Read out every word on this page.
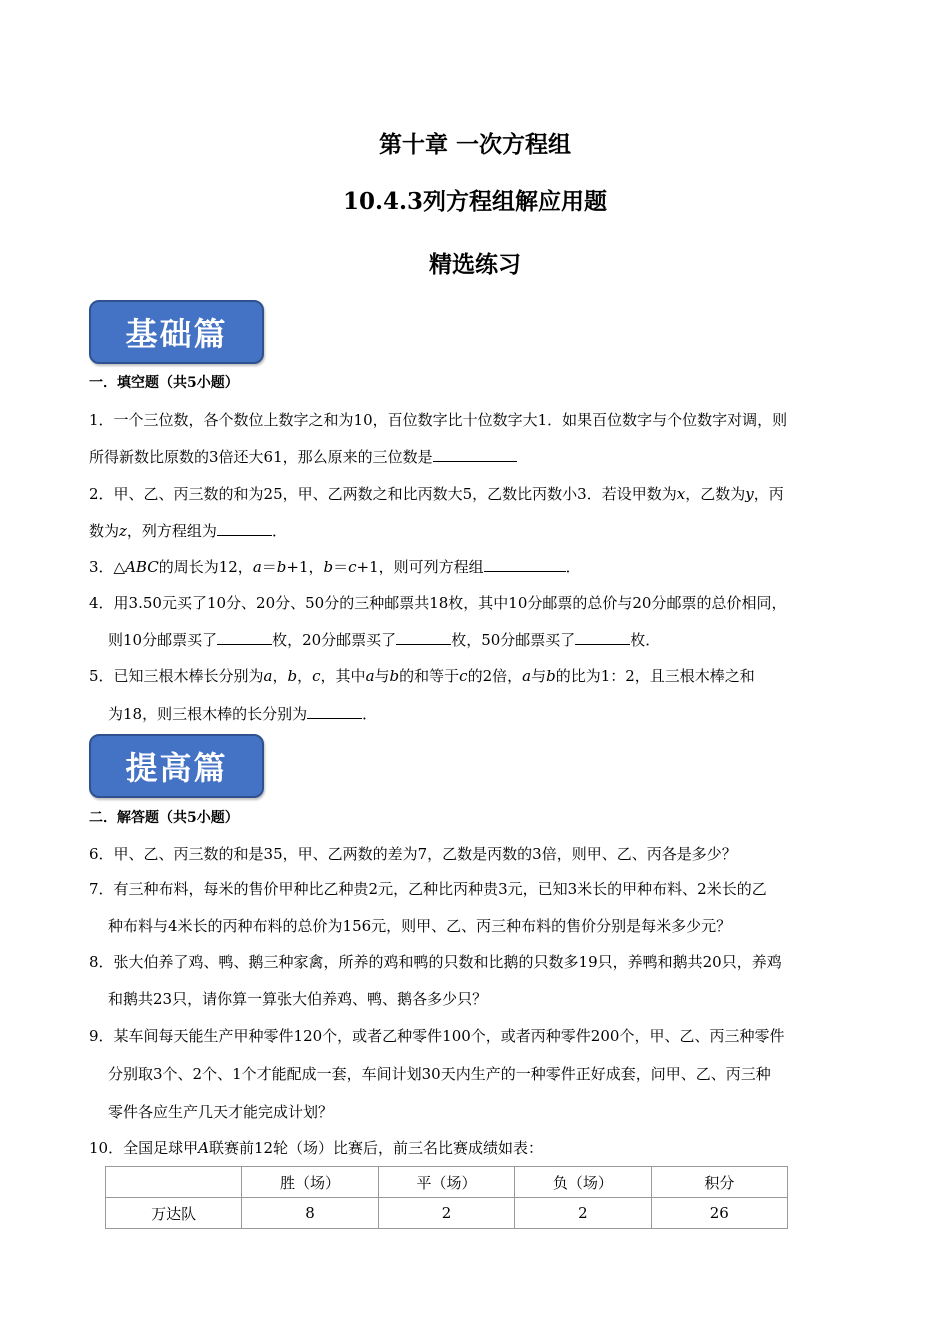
第十章 一次方程组
10.4.3列方程组解应用题
精选练习
基础篇
一．填空题（共5小题）
1．一个三位数，各个数位上数字之和为10，百位数字比十位数字大1．如果百位数字与个位数字对调，则
所得新数比原数的3倍还大61，那么原来的三位数是
2．甲、乙、丙三数的和为25，甲、乙两数之和比丙数大5，乙数比丙数小3．若设甲数为x，乙数为y，丙
数为z，列方程组为	．
3．△ABC的周长为12，a＝b+1，b＝c+1，则可列方程组	．
4．用3.50元买了10分、20分、50分的三种邮票共18枚，其中10分邮票的总价与20分邮票的总价相同，
则10分邮票买了	枚，20分邮票买了	枚，50分邮票买了	枚．
5．已知三根木棒长分别为a，b，c，其中a与b的和等于c的2倍，a与b的比为1：2，且三根木棒之和
为18，则三根木棒的长分别为	．
提高篇
二．解答题（共5小题）
6．甲、乙、丙三数的和是35，甲、乙两数的差为7，乙数是丙数的3倍，则甲、乙、丙各是多少？
7．有三种布料，每米的售价甲种比乙种贵2元，乙种比丙种贵3元，已知3米长的甲种布料、2米长的乙
种布料与4米长的丙种布料的总价为156元，则甲、乙、丙三种布料的售价分别是每米多少元？
8．张大伯养了鸡、鸭、鹅三种家禽，所养的鸡和鸭的只数和比鹅的只数多19只，养鸭和鹅共20只，养鸡
和鹅共23只，请你算一算张大伯养鸡、鸭、鹅各多少只？
9．某车间每天能生产甲种零件120个，或者乙种零件100个，或者丙种零件200个，甲、乙、丙三种零件
分别取3个、2个、1个才能配成一套，车间计划30天内生产的一种零件正好成套，问甲、乙、丙三种
零件各应生产几天才能完成计划？
10．全国足球甲A联赛前12轮（场）比赛后，前三名比赛成绩如表：
	胜（场）	平（场）	负（场）	积分
万达队	8	2	2	26
